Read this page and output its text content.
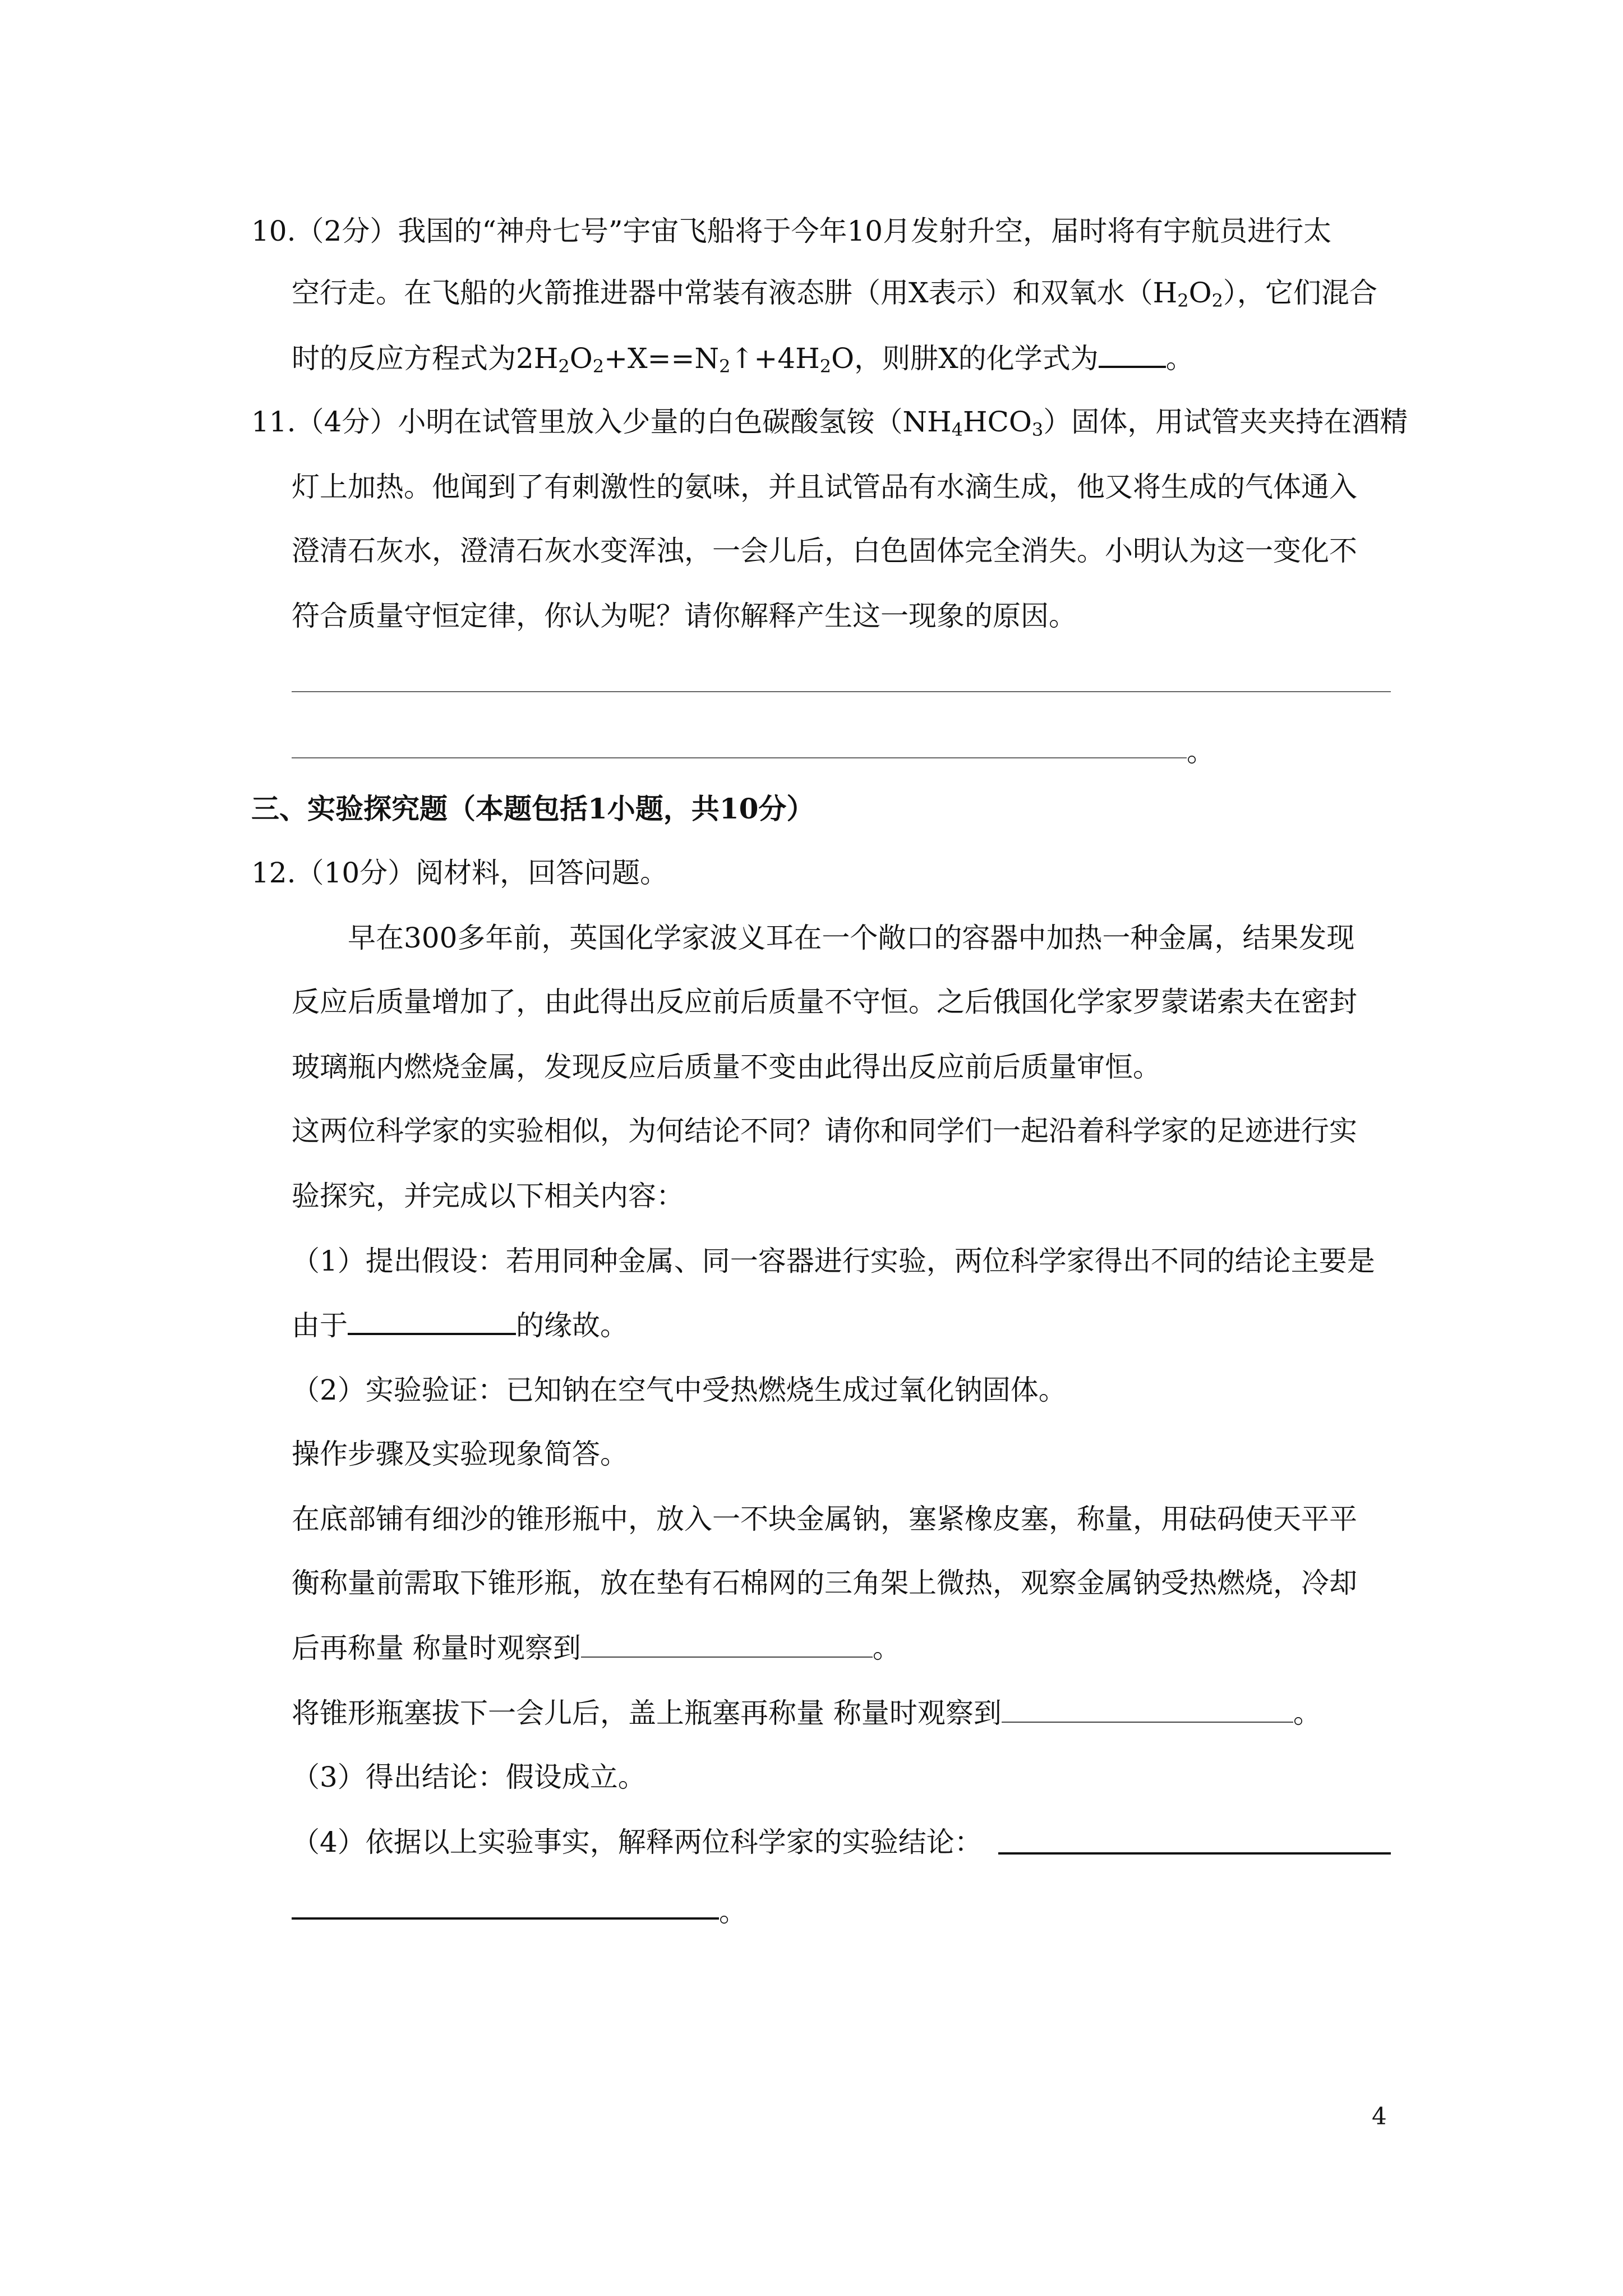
10.（2分）我国的“神舟七号”宇宙飞船将于今年10月发射升空，届时将有宇航员进行太
空行走。在飞船的火箭推进器中常装有液态肼（用X表示）和双氧水$(H_2O_2)$，它们混合
时的反应方程式为$2H_2O_2+X==N_2↑+4H_2O$，则肼X的化学式为 。
11.（4分）小明在试管里放入少量的白色碳酸氢铵$(NH_4HCO_3)$固体，用试管夹夹持在酒精
灯上加热。他闻到了有刺激性的氨味，并且试管品有水滴生成，他又将生成的气体通入
澄清石灰水，澄清石灰水变浑浊，一会儿后，白色固体完全消失。小明认为这一变化不
符合质量守恒定律，你认为呢？请你解释产生这一现象的原因。
。
三、实验探究题（本题包括1小题，共10分）
12.（10分）阅材料，回答问题。
早在300多年前，英国化学家波义耳在一个敞口的容器中加热一种金属，结果发现
反应后质量增加了，由此得出反应前后质量不守恒。之后俄国化学家罗蒙诺索夫在密封
玻璃瓶内燃烧金属，发现反应后质量不变由此得出反应前后质量审恒。
这两位科学家的实验相似，为何结论不同？请你和同学们一起沿着科学家的足迹进行实
验探究，并完成以下相关内容：
（1）提出假设：若用同种金属、同一容器进行实验，两位科学家得出不同的结论主要是
由于	的缘故。
（2）实验验证：已知钠在空气中受热燃烧生成过氧化钠固体。
操作步骤及实验现象简答。
在底部铺有细沙的锥形瓶中，放入一不块金属钠，塞紧橡皮塞，称量，用砝码使天平平
衡称量前需取下锥形瓶，放在垫有石棉网的三角架上微热，观察金属钠受热燃烧，冷却
后再称量 称量时观察到	。
将锥形瓶塞拔下一会儿后，盖上瓶塞再称量 称量时观察到	。
（3）得出结论：假设成立。
（4）依据以上实验事实，解释两位科学家的实验结论：
。
4
